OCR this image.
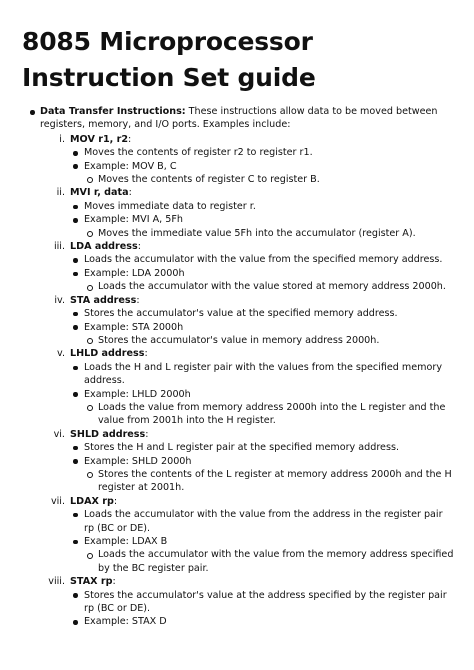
8085 Microprocessor Instruction Set guide
Data Transfer Instructions: These instructions allow data to be moved between registers, memory, and I/O ports. Examples include:
i. MOV r1, r2:
Moves the contents of register r2 to register r1.
Example: MOV B, C
Moves the contents of register C to register B.
ii. MVI r, data:
Moves immediate data to register r.
Example: MVI A, 5Fh
Moves the immediate value 5Fh into the accumulator (register A).
iii. LDA address:
Loads the accumulator with the value from the specified memory address.
Example: LDA 2000h
Loads the accumulator with the value stored at memory address 2000h.
iv. STA address:
Stores the accumulator's value at the specified memory address.
Example: STA 2000h
Stores the accumulator's value in memory address 2000h.
v. LHLD address:
Loads the H and L register pair with the values from the specified memory address.
Example: LHLD 2000h
Loads the value from memory address 2000h into the L register and the value from 2001h into the H register.
vi. SHLD address:
Stores the H and L register pair at the specified memory address.
Example: SHLD 2000h
Stores the contents of the L register at memory address 2000h and the H register at 2001h.
vii. LDAX rp:
Loads the accumulator with the value from the address in the register pair rp (BC or DE).
Example: LDAX B
Loads the accumulator with the value from the memory address specified by the BC register pair.
viii. STAX rp:
Stores the accumulator's value at the address specified by the register pair rp (BC or DE).
Example: STAX D
